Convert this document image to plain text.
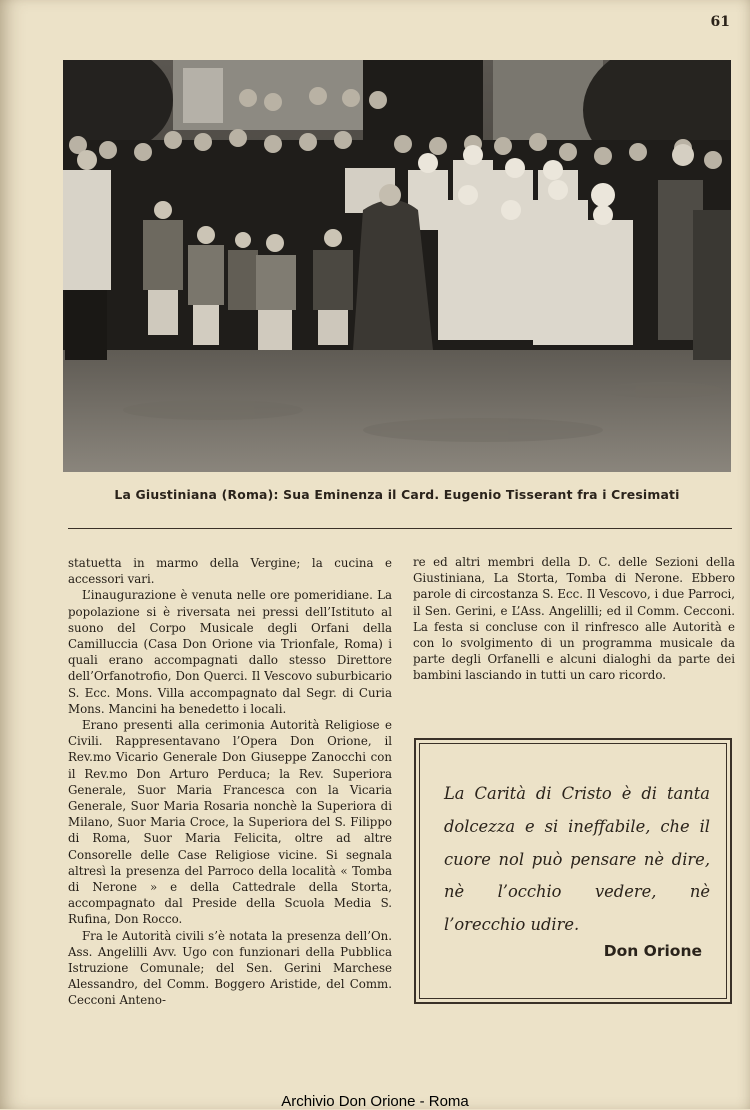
61
La Giustiniana (Roma): Sua Eminenza il Card. Eugenio Tisserant fra i Cresimati

statuetta in marmo della Vergine; la cucina e accessori vari.

L’inaugurazione è venuta nelle ore pomeridiane. La popolazione si è riversata nei pressi dell’Istituto al suono del Corpo Musicale degli Orfani della Camilluccia (Casa Don Orione via Trionfale, Roma) i quali erano accompagnati dallo stesso Direttore dell’Orfanotrofio, Don Querci. Il Vescovo suburbicario S. Ecc. Mons. Villa accompagnato dal Segr. di Curia Mons. Mancini ha benedetto i locali.

Erano presenti alla cerimonia Autorità Religiose e Civili. Rappresentavano l’Opera Don Orione, il Rev.mo Vicario Generale Don Giuseppe Zanocchi con il Rev.mo Don Arturo Perduca; la Rev. Superiora Generale, Suor Maria Francesca con la Vicaria Generale, Suor Maria Rosaria nonchè la Superiora di Milano, Suor Maria Croce, la Superiora del S. Filippo di Roma, Suor Maria Felicita, oltre ad altre Consorelle delle Case Religiose vicine. Si segnala altresì la presenza del Parroco della località « Tomba di Nerone » e della Cattedrale della Storta, accompagnato dal Preside della Scuola Media S. Rufina, Don Rocco.

Fra le Autorità civili s’è notata la presenza dell’On. Ass. Angelilli Avv. Ugo con funzionari della Pubblica Istruzione Comunale; del Sen. Gerini Marchese Alessandro, del Comm. Boggero Aristide, del Comm. Cecconi Anteno-

re ed altri membri della D. C. delle Sezioni della Giustiniana, La Storta, Tomba di Nerone. Ebbero parole di circostanza S. Ecc. Il Vescovo, i due Parroci, il Sen. Gerini, e L’Ass. Angelilli; ed il Comm. Cecconi. La festa si concluse con il rinfresco alle Autorità e con lo svolgimento di un programma musicale da parte degli Orfanelli e alcuni dialoghi da parte dei bambini lasciando in tutti un caro ricordo.

La Carità di Cristo è di tanta dolcezza e si ineffabile, che il cuore nol può pensare nè dire, nè l’occhio vedere, nè l’orecchio udire.
Don Orione
Archivio Don Orione - Roma
